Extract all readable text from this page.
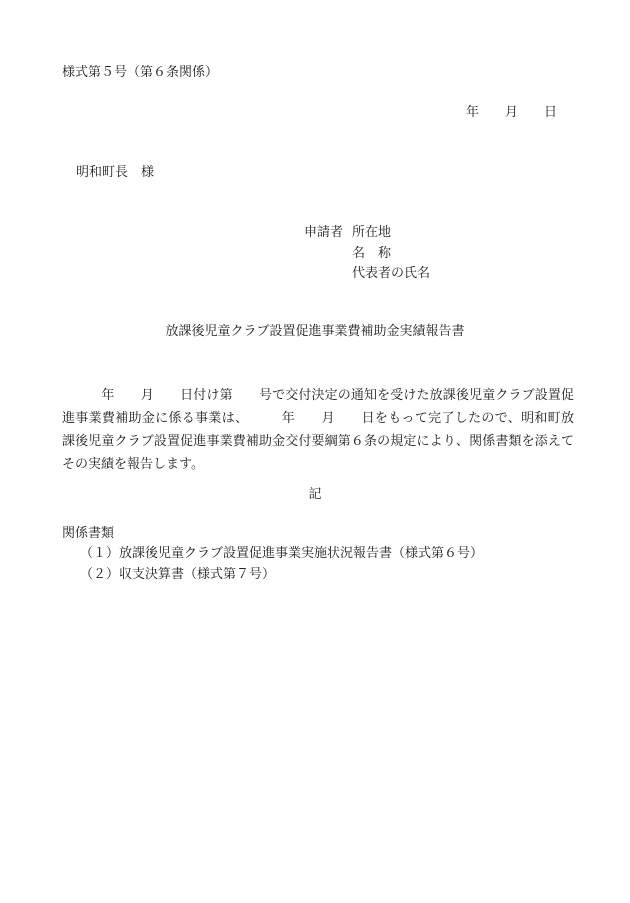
様式第５号（第６条関係）
年 月 日
明和町長　様
申請者 所在地
名　称
代表者の氏名
放課後児童クラブ設置促進事業費補助金実績報告書
　　　年　　月　　日付け第　　号で交付決定の通知を受けた放課後児童クラブ設置促進事業費補助金に係る事業は、　　　年　　月　　日をもって完了したので、明和町放課後児童クラブ設置促進事業費補助金交付要綱第６条の規定により、関係書類を添えてその実績を報告します。
記
関係書類
（１）放課後児童クラブ設置促進事業実施状況報告書（様式第６号）
（２）収支決算書（様式第７号）
